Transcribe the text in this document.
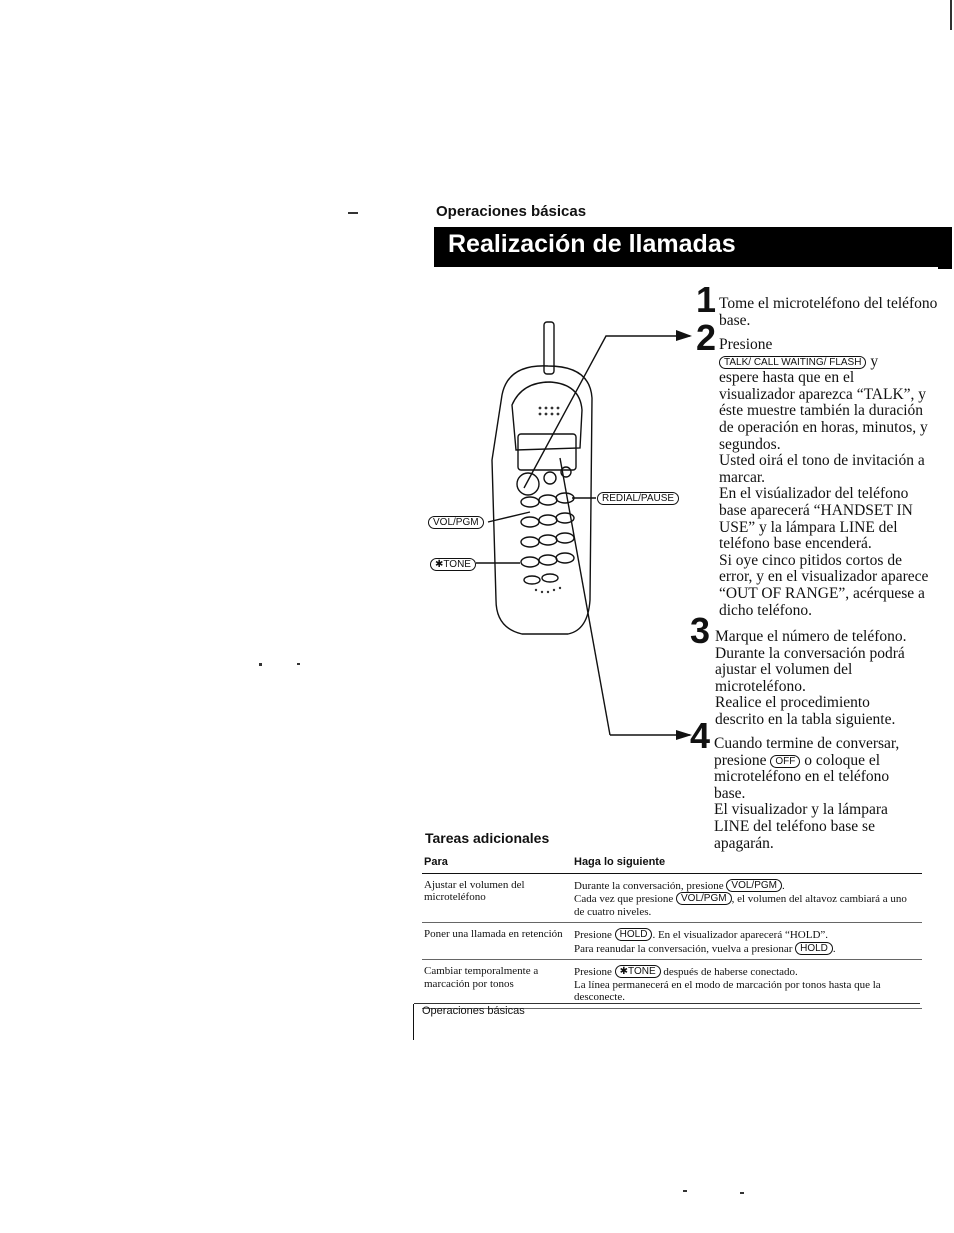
Operaciones básicas
Realización de llamadas
REDIAL/PAUSE
VOL/PGM
✱TONE
1 Tome el microteléfono del teléfono base.

2 Presione

TALK/ CALL WAITING/ FLASH y

espere hasta que en el visualizador aparezca “TALK”, y éste muestre también la duración de operación en horas, minutos, y segundos.

Usted oirá el tono de invitación a marcar.

En el visúalizador del teléfono base aparecerá “HANDSET IN USE” y la lámpara LINE del teléfono base encenderá.

Si oye cinco pitidos cortos de error, y en el visualizador aparece “OUT OF RANGE”, acérquese a dicho teléfono.

3 Marque el número de teléfono.

Durante la conversación podrá ajustar el volumen del microteléfono.

Realice el procedimiento descrito en la tabla siguiente.

4 Cuando termine de conversar, presione OFF o coloque el microteléfono en el teléfono base.

El visualizador y la lámpara LINE del teléfono base se apagarán.

Tareas adicionales
Para	Haga lo siguiente
Ajustar el volumen del microteléfono	Durante la conversación, presione VOL/PGM .
Cada vez que presione VOL/PGM , el volumen del altavoz cambiará a uno de cuatro niveles.

Poner una llamada en retención	Presione HOLD . En el visualizador aparecerá “HOLD”.
Para reanudar la conversación, vuelva a presionar HOLD .

Cambiar temporalmente a marcación por tonos	Presione ✱TONE después de haberse conectado.
La línea permanecerá en el modo de marcación por tonos hasta que la desconecte.
Operaciones básicas
